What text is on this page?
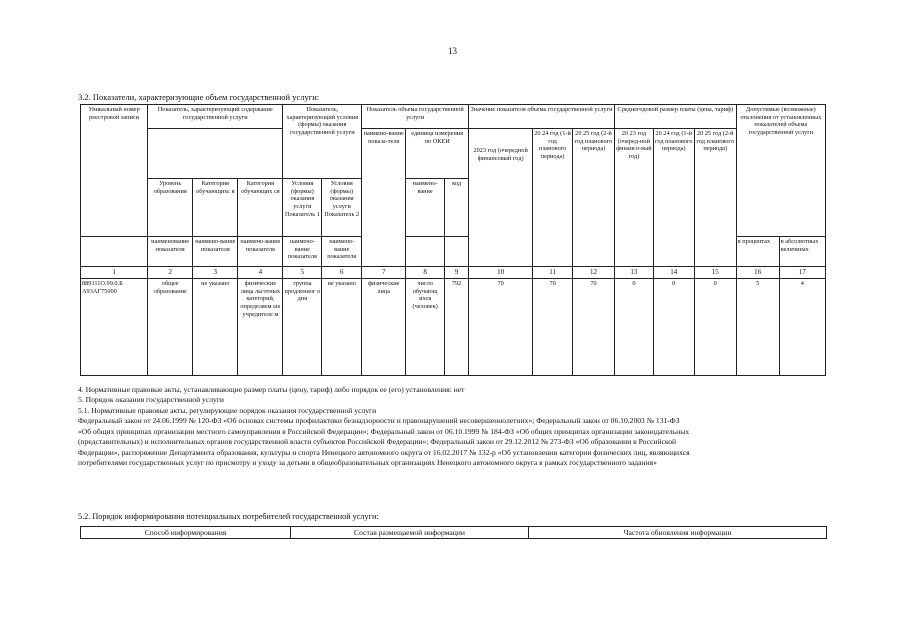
13
3.2. Показатели, характеризующие объем государственной услуги:
Уникальный номер реестровой записи	Показатель, характеризующий содержание государственной услуги			Показатель, характеризующий условия (формы) оказания государственной услуги		Показатель объема государственной услуги			Значение показателя объема государственной услуги			Среднегодовой размер платы (цена, тариф)			Допустимые (возможные) отклонения от установленных показателей объема государственной услуги	
						наимено-вание показа-теля	единица измерения по ОКЕИ		2023 год (очередной финансовый год)	20 24 год (1-й год планового периода)	20 25 год (2-й год планового периода)	20 23 год (очеред-ной финансо-вый год)	20 24 год (1-й год планового периода)	20 25 год (2-й год планового периода)		
	Уровень образования	Категория обучающихс я	Категория обучающих ся	Условия (формы) оказания услуги Показатель 1	Условия (формы) оказания услуги Показатель 2		наимено-вание	код								
	наименование показателя	наимено-вание показателя	наимено-вание показателя	наимено-вание показателя	наимено-вание показателя										в процентах	в абсолютных величинах
1	2	3	4	5	6	7	8	9	10	11	12	13	14	15	16	17
889111О.99.0.Б А93АГ75000	общее образование	не указано	физические лица льготных категорий, определяем ых учредителе м	группа продленног о дня	не указано	физические лица	число обучающ ихся (человек)	792	70	70	70	0	0	0	5	4
4. Нормативные правовые акты, устанавливающие размер платы (цену, тариф) либо порядок ее (его) установления: нет
5. Порядок оказания государственной услуги
5.1. Нормативные правовые акты, регулирующие порядок оказания государственной услуги
Федеральный закон от 24.06.1999 № 120-ФЗ «Об основах системы профилактики безнадзорности и правонарушений несовершеннолетних»; Федеральный закон от 06.10.2003 № 131-ФЗ
«Об общих принципах организации местного самоуправления в Российской Федерации»; Федеральный закон от 06.10.1999 № 184-ФЗ «Об общих принципах организации законодательных
(представительных) и исполнительных органов государственной власти субъектов Российской Федерации»; Федеральный закон от 29.12.2012 № 273-ФЗ «Об образовании в Российской
Федерации», распоряжение Департамента образования, культуры и спорта Ненецкого автономного округа от 16.02.2017 № 132-р «Об установлении категории физических лиц, являющихся
потребителями государственных услуг по присмотру и уходу за детьми в общеобразовательных организациях Ненецкого автономного округа в рамках государственного задания»
5.2. Порядок информирования потенциальных потребителей государственной услуги:
Способ информирования	Состав размещаемой информации	Частота обновления информации
